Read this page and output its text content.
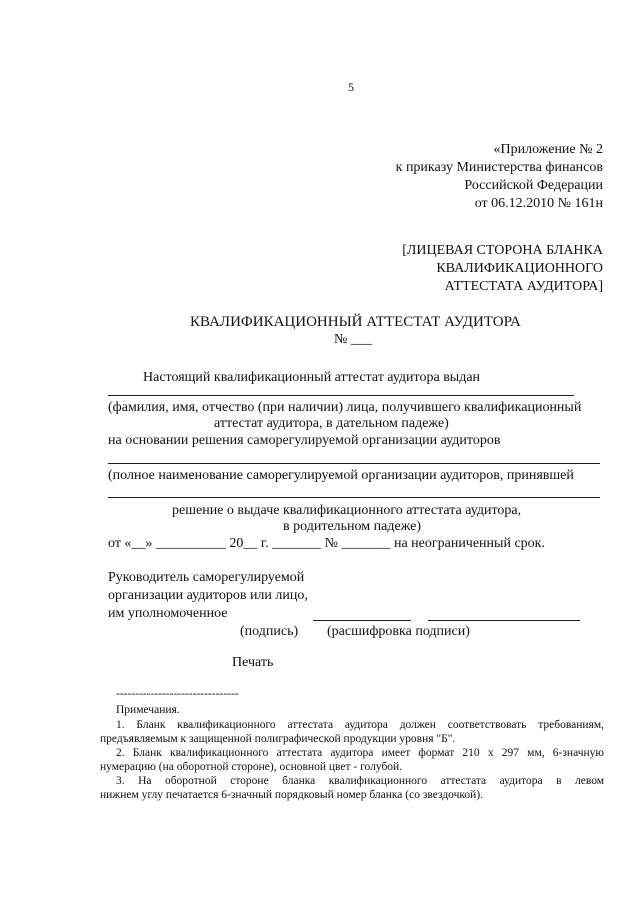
5
«Приложение № 2
к приказу Министерства финансов
Российской Федерации
от 06.12.2010 № 161н
[ЛИЦЕВАЯ СТОРОНА БЛАНКА
КВАЛИФИКАЦИОННОГО
АТТЕСТАТА АУДИТОРА]
КВАЛИФИКАЦИОННЫЙ АТТЕСТАТ АУДИТОРА
№ ___
Настоящий квалификационный аттестат аудитора выдан
(фамилия, имя, отчество (при наличии) лица, получившего квалификационный
аттестат аудитора, в дательном падеже)
на основании решения саморегулируемой организации аудиторов
(полное наименование саморегулируемой организации аудиторов, принявшей
решение о выдаче квалификационного аттестата аудитора,
в родительном падеже)
от «__» __________ 20__ г. _______ № _______ на неограниченный срок.
Руководитель саморегулируемой
организации аудиторов или лицо,
им уполномоченное
(подпись) (расшифровка подписи)
Печать
--------------------------------
Примечания.
1. Бланк квалификационного аттестата аудитора должен соответствовать требованиям,
предъявляемым к защищенной полиграфической продукции уровня "Б".
2. Бланк квалификационного аттестата аудитора имеет формат 210 х 297 мм, 6-значную
нумерацию (на оборотной стороне), основной цвет - голубой.
3. На оборотной стороне бланка квалификационного аттестата аудитора в левом
нижнем углу печатается 6-значный порядковый номер бланка (со звездочкой).
